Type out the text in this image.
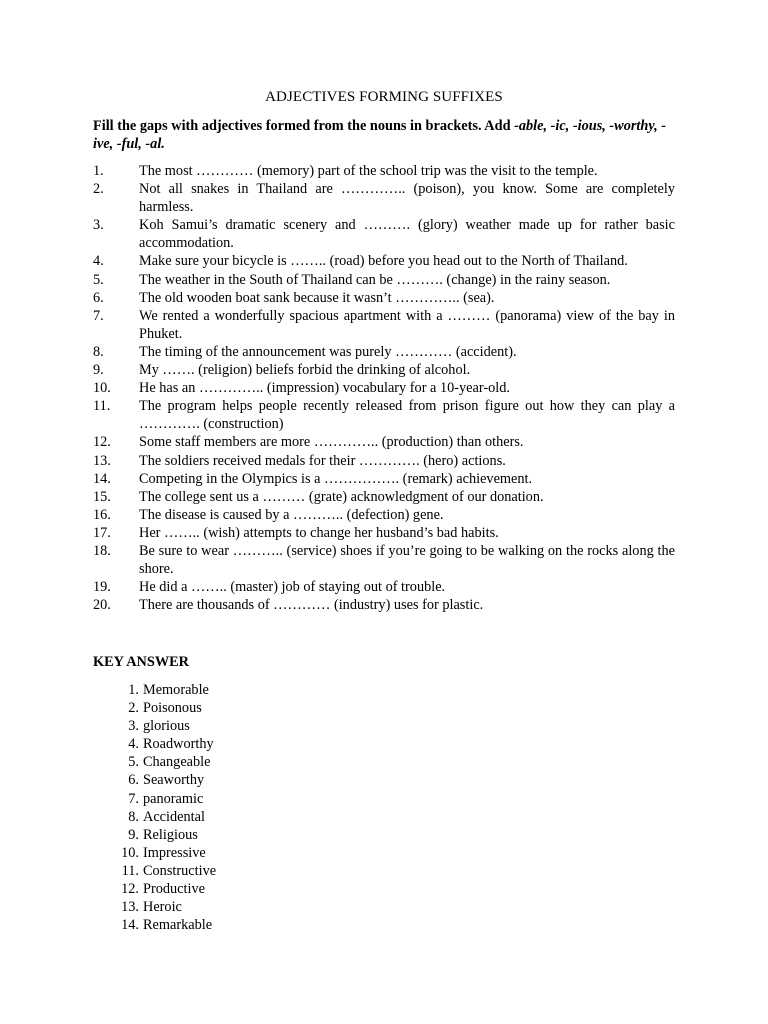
ADJECTIVES FORMING SUFFIXES
Fill the gaps with adjectives formed from the nouns in brackets. Add -able, -ic, -ious, -worthy, -ive, -ful, -al.
1.	The most ………… (memory) part of the school trip was the visit to the temple.
2.	Not all snakes in Thailand are ………….. (poison), you know. Some are completely harmless.
3.	Koh Samui’s dramatic scenery and ………. (glory) weather made up for rather basic accommodation.
4.	Make sure your bicycle is …….. (road) before you head out to the North of Thailand.
5.	The weather in the South of Thailand can be ………. (change) in the rainy season.
6.	The old wooden boat sank because it wasn’t ………….. (sea).
7.	We rented a wonderfully spacious apartment with a ……… (panorama) view of the bay in Phuket.
8.	The timing of the announcement was purely ………… (accident).
9.	My ……. (religion) beliefs forbid the drinking of alcohol.
10.	He has an ………….. (impression) vocabulary for a 10-year-old.
11.	The program helps people recently released from prison figure out how they can play a …………. (construction)
12.	Some staff members are more ………….. (production) than others.
13.	The soldiers received medals for their …………. (hero) actions.
14.	Competing in the Olympics is a ……………. (remark) achievement.
15.	The college sent us a ……… (grate) acknowledgment of our donation.
16.	The disease is caused by a ……….. (defection) gene.
17.	Her …….. (wish) attempts to change her husband’s bad habits.
18.	Be sure to wear ……….. (service) shoes if you’re going to be walking on the rocks along the shore.
19.	He did a …….. (master) job of staying out of trouble.
20.	There are thousands of ………… (industry) uses for plastic.
KEY ANSWER
1. Memorable
2. Poisonous
3. glorious
4. Roadworthy
5. Changeable
6. Seaworthy
7. panoramic
8. Accidental
9. Religious
10. Impressive
11. Constructive
12. Productive
13. Heroic
14. Remarkable
